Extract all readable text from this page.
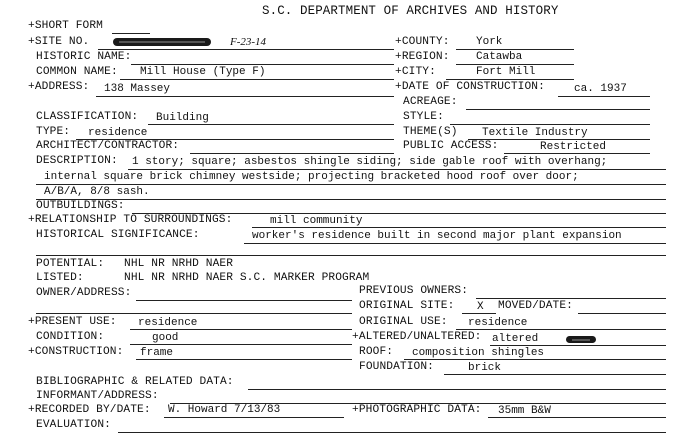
S.C. DEPARTMENT OF ARCHIVES AND HISTORY
+SHORT FORM
+SITE NO.	F-23-14	+COUNTY: York
HISTORIC NAME:	+REGION: Catawba
COMMON NAME: Mill House (Type F)	+CITY:	Fort Mill
+ADDRESS: 138 Massey	+DATE OF CONSTRUCTION:	ca. 1937
ACREAGE:
CLASSIFICATION: Building	STYLE:
TYPE: residence	THEME(S) Textile Industry
ARCHITECT/CONTRACTOR:	PUBLIC ACCESS:	Restricted
DESCRIPTION: 1 story; square; asbestos shingle siding; side gable roof with overhang;
internal square brick chimney westside; projecting bracketed hood roof over door;
A/B/A, 8/8 sash.
OUTBUILDINGS:
+RELATIONSHIP TO SURROUNDINGS:	mill community
HISTORICAL SIGNIFICANCE:	worker's residence built in second major plant expansion
POTENTIAL: NHL NR NRHD NAER
LISTED:	NHL NR NRHD NAER S.C. MARKER PROGRAM
PREVIOUS OWNERS:
OWNER/ADDRESS:
ORIGINAL SITE: X MOVED/DATE:
+PRESENT USE: residence	ORIGINAL USE: residence
CONDITION:	good	+ALTERED/UNALTERED: altered
+CONSTRUCTION: frame	ROOF: composition shingles
FOUNDATION:	brick
BIBLIOGRAPHIC & RELATED DATA:
INFORMANT/ADDRESS:
+RECORDED BY/DATE: W. Howard 7/13/83	+PHOTOGRAPHIC DATA: 35mm B&W
EVALUATION:
